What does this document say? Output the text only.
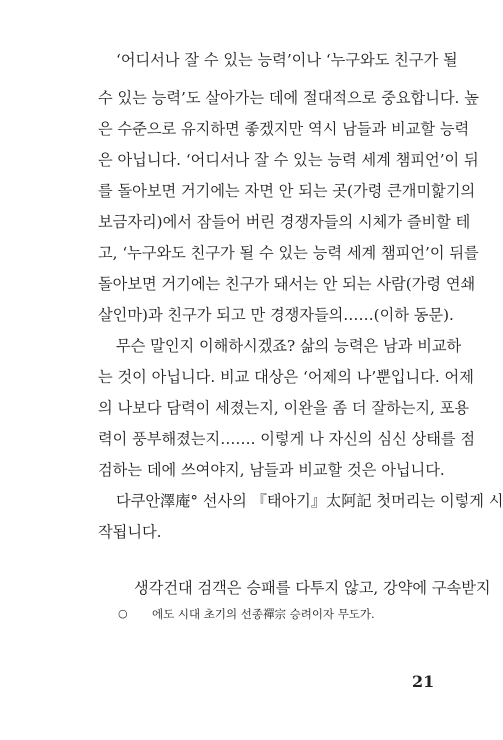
‘어디서나 잘 수 있는 능력’이나 ‘누구와도 친구가 될
수 있는 능력’도 살아가는 데에 절대적으로 중요합니다. 높
은 수준으로 유지하면 좋겠지만 역시 남들과 비교할 능력
은 아닙니다. ‘어디서나 잘 수 있는 능력 세계 챔피언’이 뒤
를 돌아보면 거기에는 자면 안 되는 곳(가령 큰개미핥기의
보금자리)에서 잠들어 버린 경쟁자들의 시체가 즐비할 테
고, ‘누구와도 친구가 될 수 있는 능력 세계 챔피언’이 뒤를
돌아보면 거기에는 친구가 돼서는 안 되는 사람(가령 연쇄
살인마)과 친구가 되고 만 경쟁자들의……(이하 동문).
무슨 말인지 이해하시겠죠? 삶의 능력은 남과 비교하
는 것이 아닙니다. 비교 대상은 ‘어제의 나’뿐입니다. 어제
의 나보다 담력이 세졌는지, 이완을 좀 더 잘하는지, 포용
력이 풍부해졌는지……. 이렇게 나 자신의 심신 상태를 점
검하는 데에 쓰여야지, 남들과 비교할 것은 아닙니다.
다쿠안澤庵° 선사의 『태아기』太阿記 첫머리는 이렇게 시
작됩니다.
생각건대 검객은 승패를 다투지 않고, 강약에 구속받지
○ 에도 시대 초기의 선종禪宗 승려이자 무도가.
21
